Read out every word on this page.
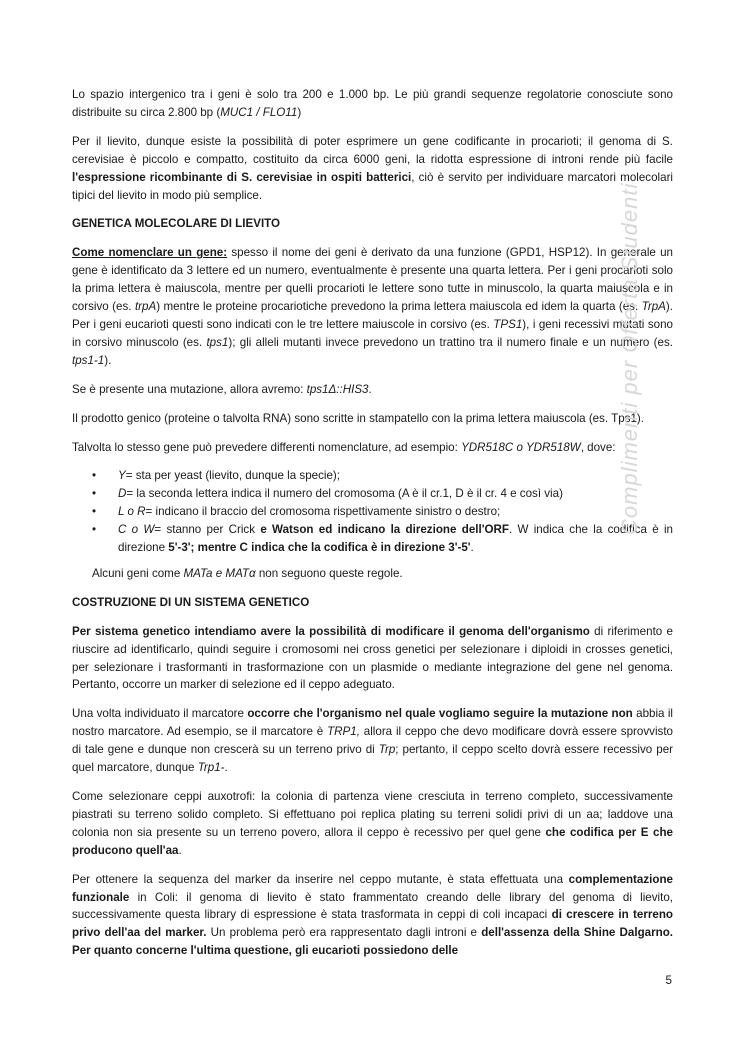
Lo spazio intergenico tra i geni è solo tra 200 e 1.000 bp. Le più grandi sequenze regolatorie conosciute sono distribuite su circa 2.800 bp (MUC1 / FLO11)

Per il lievito, dunque esiste la possibilità di poter esprimere un gene codificante in procarioti; il genoma di S. cerevisiae è piccolo e compatto, costituito da circa 6000 geni, la ridotta espressione di introni rende più facile l'espressione ricombinante di S. cerevisiae in ospiti batterici, ciò è servito per individuare marcatori molecolari tipici del lievito in modo più semplice.

GENETICA MOLECOLARE DI LIEVITO

Come nomenclare un gene: spesso il nome dei geni è derivato da una funzione (GPD1, HSP12). In generale un gene è identificato da 3 lettere ed un numero, eventualmente è presente una quarta lettera. Per i geni procarioti solo la prima lettera è maiuscola, mentre per quelli procarioti le lettere sono tutte in minuscolo, la quarta maiuscola e in corsivo (es. trpA) mentre le proteine procariotiche prevedono la prima lettera maiuscola ed idem la quarta (es. TrpA). Per i geni eucarioti questi sono indicati con le tre lettere maiuscole in corsivo (es. TPS1), i geni recessivi mutati sono in corsivo minuscolo (es. tps1); gli alleli mutanti invece prevedono un trattino tra il numero finale e un numero (es. tps1-1).

Se è presente una mutazione, allora avremo: tps1Δ::HIS3.

Il prodotto genico (proteine o talvolta RNA) sono scritte in stampatello con la prima lettera maiuscola (es. Tps1).

Talvolta lo stesso gene può prevedere differenti nomenclature, ad esempio: YDR518C o YDR518W, dove:

• Y= sta per yeast (lievito, dunque la specie);
• D= la seconda lettera indica il numero del cromosoma (A è il cr.1, D è il cr. 4 e così via)
• L o R= indicano il braccio del cromosoma rispettivamente sinistro o destro;
• C o W= stanno per Crick e Watson ed indicano la direzione dell'ORF. W indica che la codifica è in direzione 5'-3'; mentre C indica che la codifica è in direzione 3'-5'.

Alcuni geni come MATa e MATα non seguono queste regole.

COSTRUZIONE DI UN SISTEMA GENETICO

Per sistema genetico intendiamo avere la possibilità di modificare il genoma dell'organismo di riferimento e riuscire ad identificarlo, quindi seguire i cromosomi nei cross genetici per selezionare i diploidi in crosses genetici, per selezionare i trasformanti in trasformazione con un plasmide o mediante integrazione del gene nel genoma. Pertanto, occorre un marker di selezione ed il ceppo adeguato.

Una volta individuato il marcatore occorre che l'organismo nel quale vogliamo seguire la mutazione non abbia il nostro marcatore. Ad esempio, se il marcatore è TRP1, allora il ceppo che devo modificare dovrà essere sprovvisto di tale gene e dunque non crescerà su un terreno privo di Trp; pertanto, il ceppo scelto dovrà essere recessivo per quel marcatore, dunque Trp1-.

Come selezionare ceppi auxotrofi: la colonia di partenza viene cresciuta in terreno completo, successivamente piastrati su terreno solido completo. Si effettuano poi replica plating su terreni solidi privi di un aa; laddove una colonia non sia presente su un terreno povero, allora il ceppo è recessivo per quel gene che codifica per E che producono quell'aa.

Per ottenere la sequenza del marker da inserire nel ceppo mutante, è stata effettuata una complementazione funzionale in Coli: il genoma di lievito è stato frammentato creando delle library del genoma di lievito, successivamente questa library di espressione è stata trasformata in ceppi di coli incapaci di crescere in terreno privo dell'aa del marker. Un problema però era rappresentato dagli introni e dell'assenza della Shine Dalgarno. Per quanto concerne l'ultima questione, gli eucarioti possiedono delle

Complimenti per Offerta Studenti
5
